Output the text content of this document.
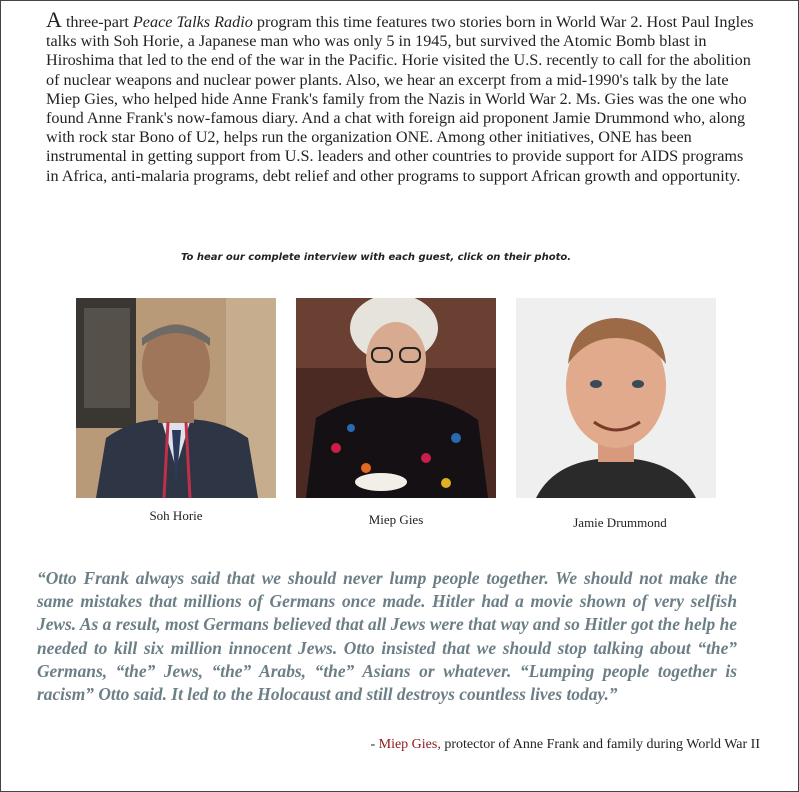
A three-part Peace Talks Radio program this time features two stories born in World War 2. Host Paul Ingles talks with Soh Horie, a Japanese man who was only 5 in 1945, but survived the Atomic Bomb blast in Hiroshima that led to the end of the war in the Pacific. Horie visited the U.S. recently to call for the abolition of nuclear weapons and nuclear power plants. Also, we hear an excerpt from a mid-1990's talk by the late Miep Gies, who helped hide Anne Frank's family from the Nazis in World War 2. Ms. Gies was the one who found Anne Frank's now-famous diary. And a chat with foreign aid proponent Jamie Drummond who, along with rock star Bono of U2, helps run the organization ONE. Among other initiatives, ONE has been instrumental in getting support from U.S. leaders and other countries to provide support for AIDS programs in Africa, anti-malaria programs, debt relief and other programs to support African growth and opportunity.

To hear our complete interview with each guest, click on their photo.
Soh Horie	Miep Gies	Jamie Drummond

“Otto Frank always said that we should never lump people together. We should not make the same mistakes that millions of Germans once made. Hitler had a movie shown of very selfish Jews. As a result, most Germans believed that all Jews were that way and so Hitler got the help he needed to kill six million innocent Jews. Otto insisted that we should stop talking about “the” Germans, “the” Jews, “the” Arabs, “the” Asians or whatever. “Lumping people together is racism” Otto said. It led to the Holocaust and still destroys countless lives today.”

- Miep Gies, protector of Anne Frank and family during World War II
